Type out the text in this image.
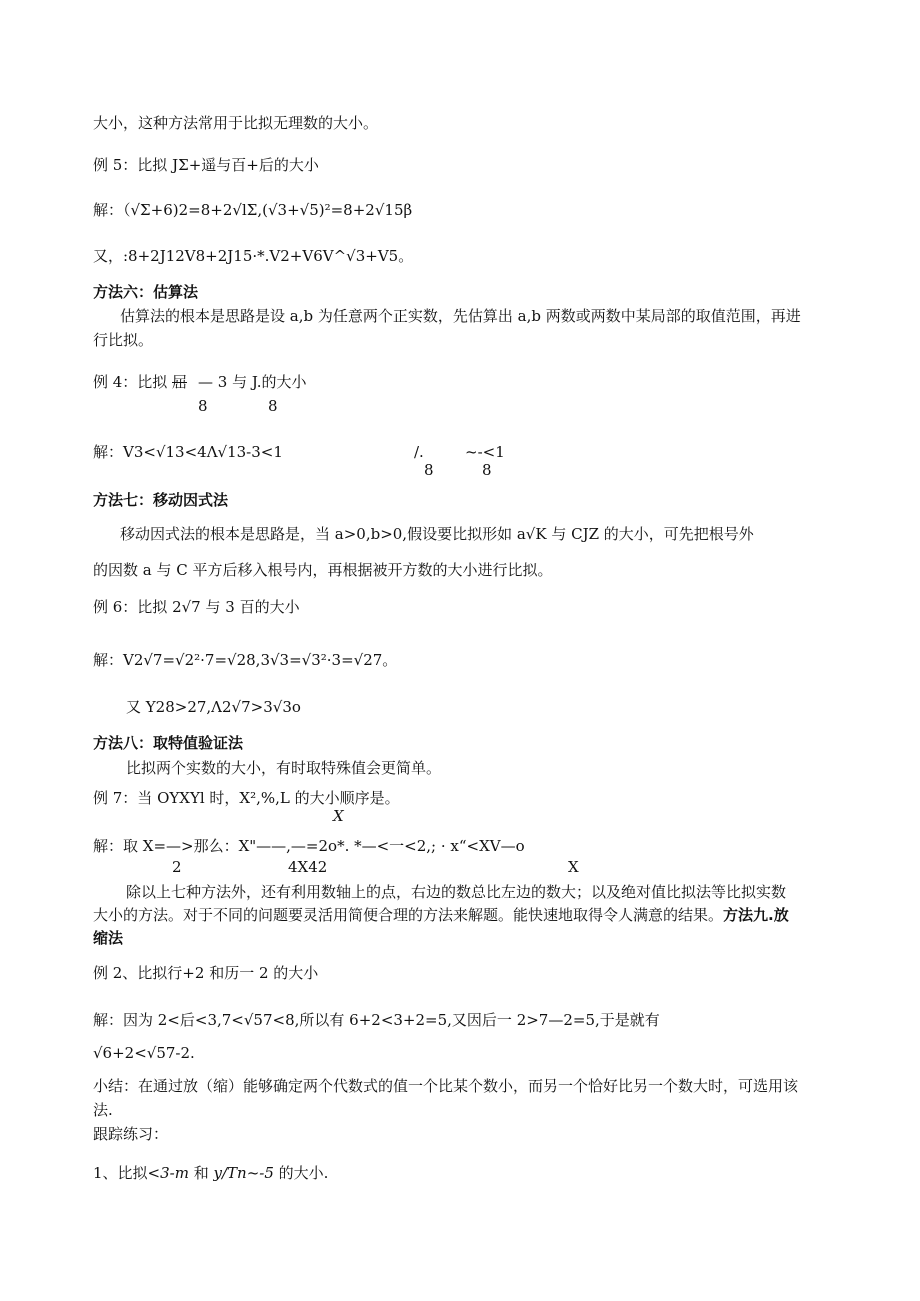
大小，这种方法常用于比拟无理数的大小。
例 5：比拟 JΣ+遥与百+后的大小
解：（√Σ+6)2=8+2√lΣ,(√3+√5)²=8+2√15β
又，:8+2J12V8+2J15·*.V2+V6V^√3+V5。
方法六：估算法
估算法的根本是思路是设 a,b 为任意两个正实数，先估算出 a,b 两数或两数中某局部的取值范围，再进
行比拟。
例 4：比拟 屈 — 3 与 J.的大小
8	8
解：V3<√13<4Λ√13-3<1	/.	~-<1
8	8
方法七：移动因式法
移动因式法的根本是思路是，当 a>0,b>0,假设要比拟形如 a√K 与 CJZ 的大小，可先把根号外
的因数 a 与 C 平方后移入根号内，再根据被开方数的大小进行比拟。
例 6：比拟 2√7 与 3 百的大小
解：V2√7=√2²·7=√28,3√3=√3²·3=√27。
又 Y28>27,Λ2√7>3√3o
方法八：取特值验证法
比拟两个实数的大小，有时取特殊值会更简单。
例 7：当 OYXYl 时，X²,%,L 的大小顺序是。
X
解：取 X=—>那么：X"——,—=2o*. *—<一<2,; · x“<XV—o
2	4X42	X
除以上七种方法外，还有利用数轴上的点，右边的数总比左边的数大；以及绝对值比拟法等比拟实数
大小的方法。对于不同的问题要灵活用简便合理的方法来解题。能快速地取得令人满意的结果。方法九.放
缩法
例 2、比拟行+2 和历一 2 的大小
解：因为 2<后<3,7<√57<8,所以有 6+2<3+2=5,又因后一 2>7—2=5,于是就有
√6+2<√57-2.
小结：在通过放（缩）能够确定两个代数式的值一个比某个数小，而另一个恰好比另一个数大时，可选用该
法.
跟踪练习：
1、比拟<3-m 和 y/Tn~-5 的大小.
